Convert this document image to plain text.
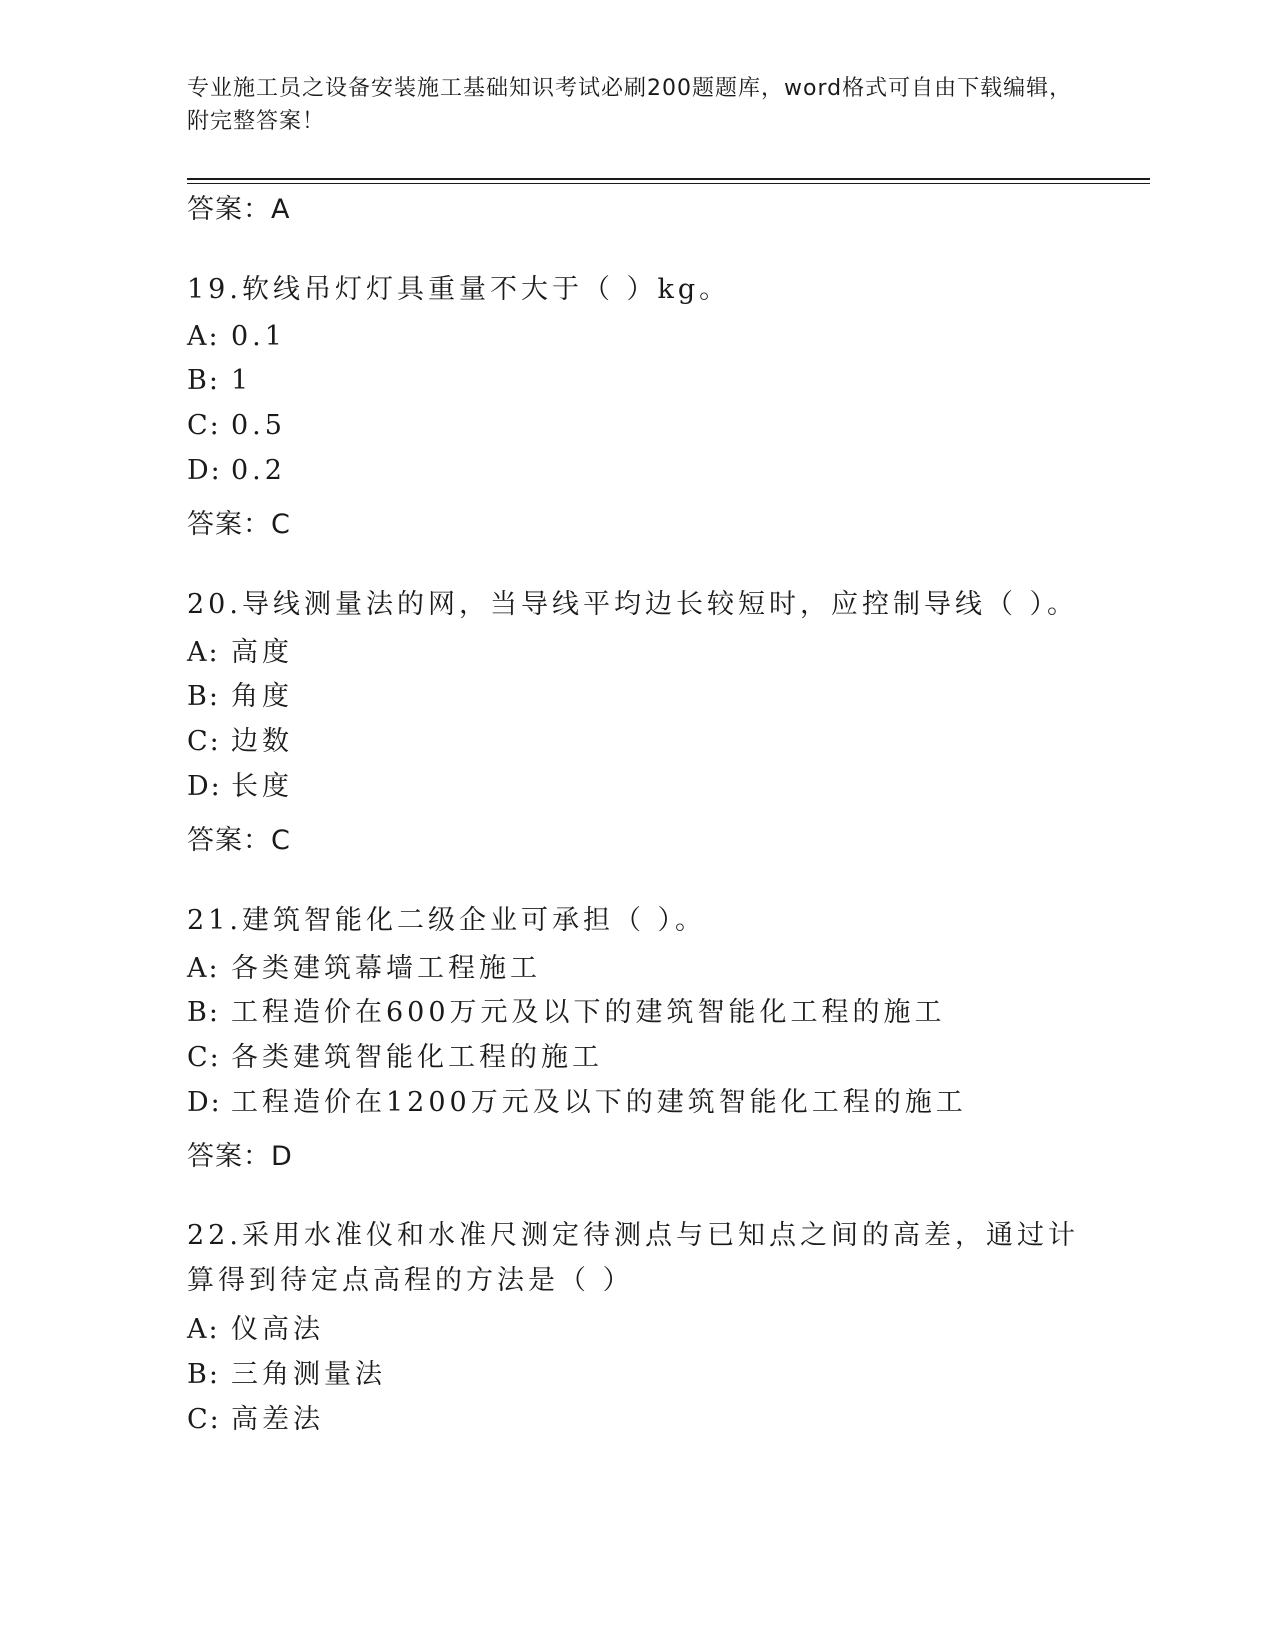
专业施工员之设备安装施工基础知识考试必刷200题题库，word格式可自由下载编辑，附完整答案！
答案：A
19.软线吊灯灯具重量不大于（ ）kg。
A: 0.1
B: 1
C: 0.5
D: 0.2
答案：C
20.导线测量法的网，当导线平均边长较短时，应控制导线（ ）。
A: 高度
B: 角度
C: 边数
D: 长度
答案：C
21.建筑智能化二级企业可承担（ ）。
A: 各类建筑幕墙工程施工
B: 工程造价在600万元及以下的建筑智能化工程的施工
C: 各类建筑智能化工程的施工
D: 工程造价在1200万元及以下的建筑智能化工程的施工
答案：D
22.采用水准仪和水准尺测定待测点与已知点之间的高差，通过计算得到待定点高程的方法是（ ）
A: 仪高法
B: 三角测量法
C: 高差法
